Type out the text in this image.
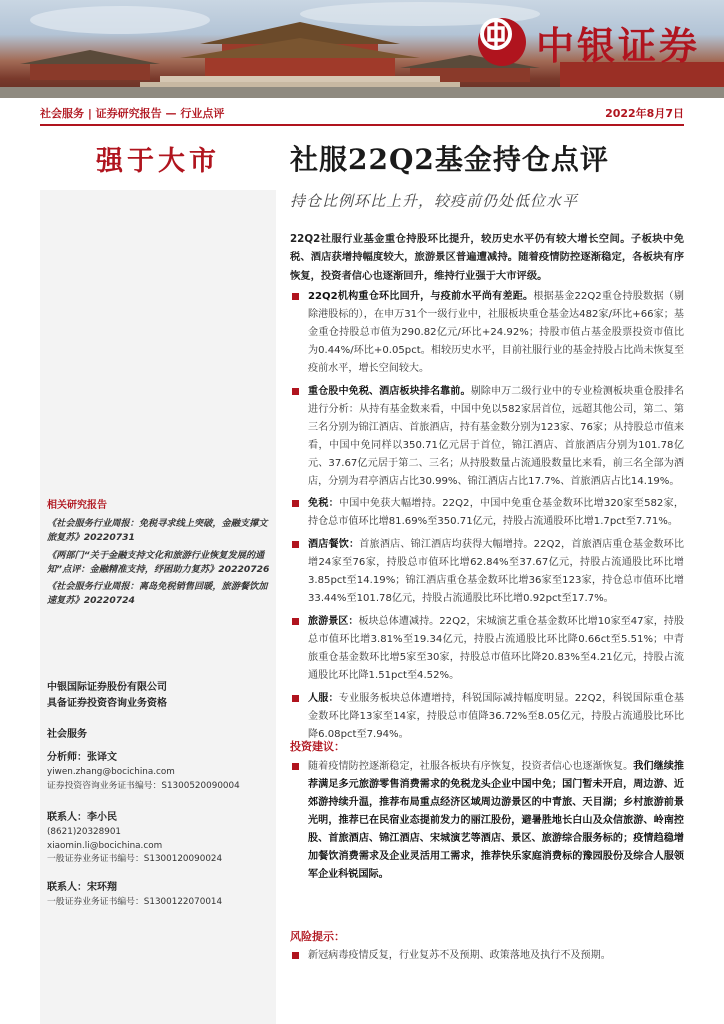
中银证券
社会服务 | 证券研究报告 — 行业点评	2022年8月7日
强于大市
相关研究报告
《社会服务行业周报：免税寻求线上突破，金融支撑文旅复苏》20220731
《两部门“关于金融支持文化和旅游行业恢复发展的通知”点评：金融精准支持，纾困助力复苏》20220726
《社会服务行业周报：离岛免税销售回暖，旅游餐饮加速复苏》20220724
中银国际证券股份有限公司
具备证券投资咨询业务资格
社会服务
分析师：张译文
yiwen.zhang@bocichina.com
证券投资咨询业务证书编号：S1300520090004
联系人：李小民
(8621)20328901
xiaomin.li@bocichina.com
一般证券业务证书编号：S1300120090024
联系人：宋环翔
一般证券业务证书编号：S1300122070014
社服22Q2基金持仓点评
持仓比例环比上升，较疫前仍处低位水平
22Q2社服行业基金重仓持股环比提升，较历史水平仍有较大增长空间。子板块中免税、酒店获增持幅度较大，旅游景区普遍遭减持。随着疫情防控逐渐稳定，各板块有序恢复，投资者信心也逐渐回升，维持行业强于大市评级。
22Q2机构重仓环比回升，与疫前水平尚有差距。根据基金22Q2重仓持股数据（剔除港股标的），在申万31个一级行业中，社服板块重仓基金达482家/环比+66家；基金重仓持股总市值为290.82亿元/环比+24.92%；持股市值占基金股票投资市值比为0.44%/环比+0.05pct。相较历史水平，目前社服行业的基金持股占比尚未恢复至疫前水平，增长空间较大。
重仓股中免税、酒店板块排名靠前。剔除申万二级行业中的专业检测板块重仓股排名进行分析：从持有基金数来看，中国中免以582家居首位，远超其他公司，第二、第三名分别为锦江酒店、首旅酒店，持有基金数分别为123家、76家；从持股总市值来看，中国中免同样以350.71亿元居于首位，锦江酒店、首旅酒店分别为101.78亿元、37.67亿元居于第二、三名；从持股数量占流通股数量比来看，前三名全部为酒店，分别为君亭酒店占比30.99%、锦江酒店占比17.7%、首旅酒店占比14.19%。
免税：中国中免获大幅增持。22Q2，中国中免重仓基金数环比增320家至582家，持仓总市值环比增81.69%至350.71亿元，持股占流通股环比增1.7pct至7.71%。
酒店餐饮：首旅酒店、锦江酒店均获得大幅增持。22Q2，首旅酒店重仓基金数环比增24家至76家，持股总市值环比增62.84%至37.67亿元，持股占流通股比环比增3.85pct至14.19%；锦江酒店重仓基金数环比增36家至123家，持仓总市值环比增33.44%至101.78亿元，持股占流通股比环比增0.92pct至17.7%。
旅游景区：板块总体遭减持。22Q2，宋城演艺重仓基金数环比增10家至47家，持股总市值环比增3.81%至19.34亿元，持股占流通股比环比降0.66ct至5.51%；中青旅重仓基金数环比增5家至30家，持股总市值环比降20.83%至4.21亿元，持股占流通股比环比降1.51pct至4.52%。
人服：专业服务板块总体遭增持，科锐国际减持幅度明显。22Q2，科锐国际重仓基金数环比降13家至14家，持股总市值降36.72%至8.05亿元，持股占流通股比环比降6.08pct至7.94%。
投资建议：
随着疫情防控逐渐稳定，社服各板块有序恢复，投资者信心也逐渐恢复。我们继续推荐满足多元旅游零售消费需求的免税龙头企业中国中免；国门暂未开启，周边游、近郊游持续升温，推荐布局重点经济区域周边游景区的中青旅、天目湖；乡村旅游前景光明，推荐已在民宿业态提前发力的丽江股份，避暑胜地长白山及众信旅游、岭南控股、首旅酒店、锦江酒店、宋城演艺等酒店、景区、旅游综合服务标的；疫情趋稳增加餐饮消费需求及企业灵活用工需求，推荐快乐家庭消费标的豫园股份及综合人服领军企业科锐国际。
风险提示：
新冠病毒疫情反复，行业复苏不及预期、政策落地及执行不及预期。
